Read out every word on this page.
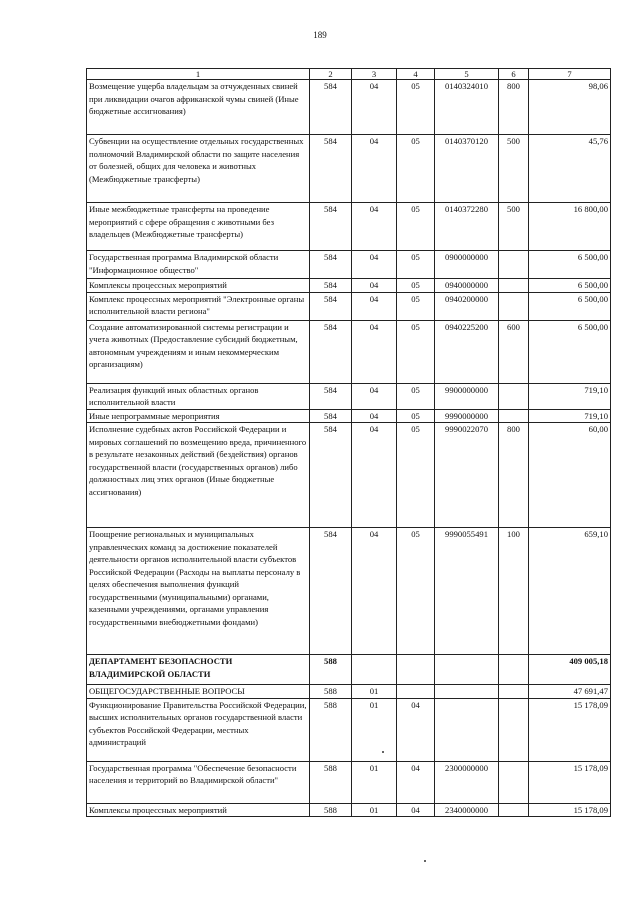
189
1	2	3	4	5	6	7
Возмещение ущерба владельцам за отчужденных свиней при ликвидации очагов африканской чумы свиней (Иные бюджетные ассигнования)	584	04	05	0140324010	800	98,06
Субвенции на осуществление отдельных государственных полномочий Владимирской области по защите населения от болезней, общих для человека и животных (Межбюджетные трансферты)	584	04	05	0140370120	500	45,76
Иные межбюджетные трансферты на проведение мероприятий с сфере обращения с животными без владельцев (Межбюджетные трансферты)	584	04	05	0140372280	500	16 800,00
Государственная программа Владимирской области "Информационное общество"	584	04	05	0900000000		6 500,00
Комплексы процессных мероприятий	584	04	05	0940000000		6 500,00
Комплекс процессных мероприятий "Электронные органы исполнительной власти региона"	584	04	05	0940200000		6 500,00
Создание автоматизированной системы регистрации и учета животных (Предоставление субсидий бюджетным, автономным учреждениям и иным некоммерческим организациям)	584	04	05	0940225200	600	6 500,00
Реализация функций иных областных органов исполнительной власти	584	04	05	9900000000		719,10
Иные непрограммные мероприятия	584	04	05	9990000000		719,10
Исполнение судебных актов Российской Федерации и мировых соглашений по возмещению вреда, причиненного в результате незаконных действий (бездействия) органов государственной власти (государственных органов) либо должностных лиц этих органов (Иные бюджетные ассигнования)	584	04	05	9990022070	800	60,00
Поощрение региональных и муниципальных управленческих команд за достижение показателей деятельности органов исполнительной власти субъектов Российской Федерации (Расходы на выплаты персоналу в целях обеспечения выполнения функций государственными (муниципальными) органами, казенными учреждениями, органами управления государственными внебюджетными фондами)	584	04	05	9990055491	100	659,10
ДЕПАРТАМЕНТ БЕЗОПАСНОСТИ ВЛАДИМИРСКОЙ ОБЛАСТИ	588					409 005,18
ОБЩЕГОСУДАРСТВЕННЫЕ ВОПРОСЫ	588	01				47 691,47
Функционирование Правительства Российской Федерации, высших исполнительных органов государственной власти субъектов Российской Федерации, местных администраций	588	01	04			15 178,09
Государственная программа "Обеспечение безопасности населения и территорий во Владимирской области"	588	01	04	2300000000		15 178,09
Комплексы процессных мероприятий	588	01	04	2340000000		15 178,09
